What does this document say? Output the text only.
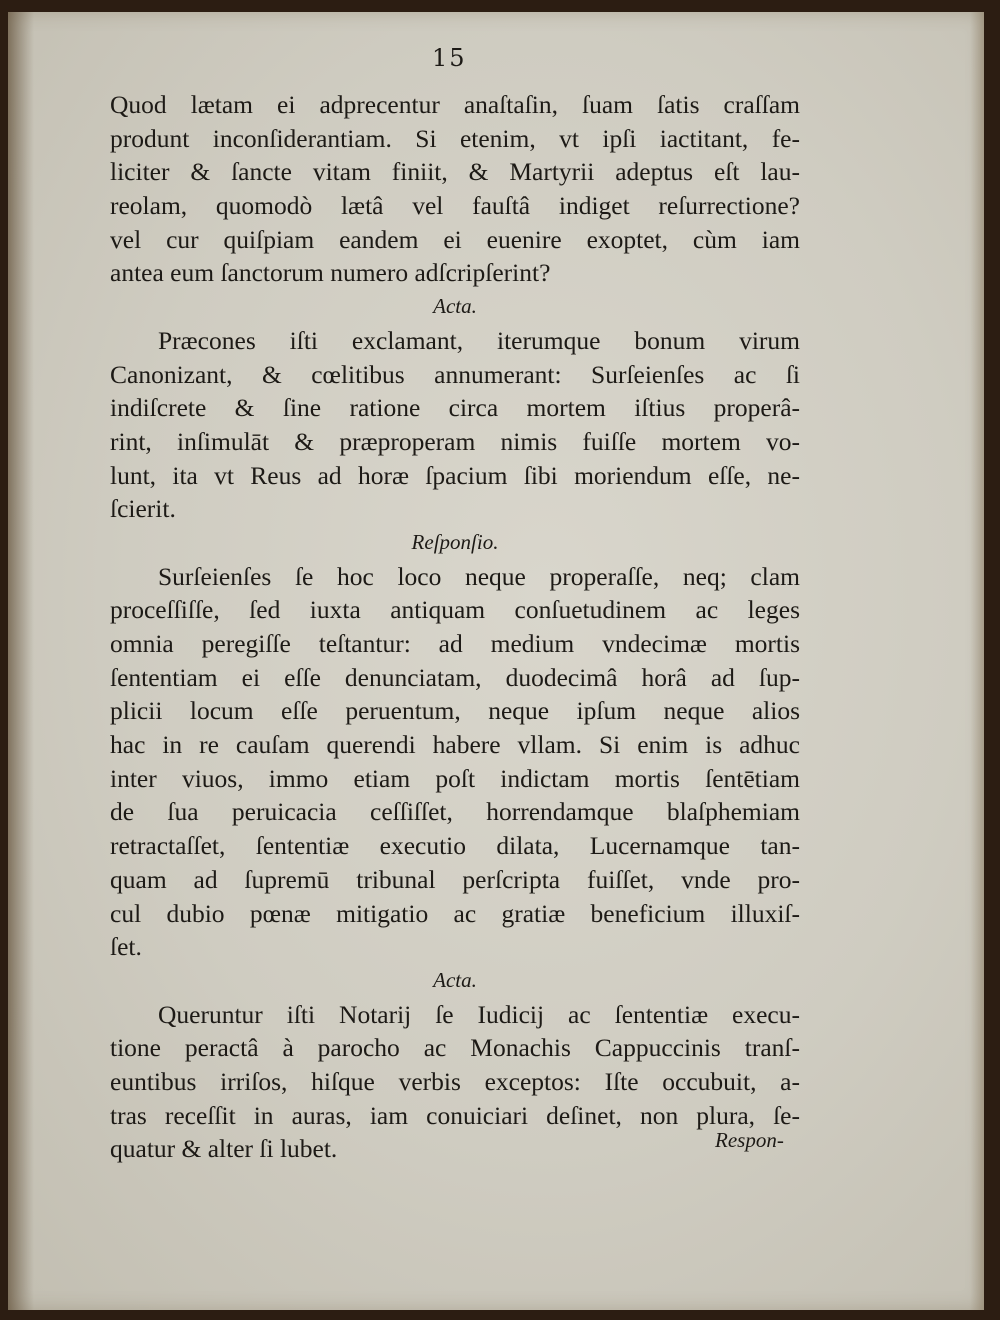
15
Quod lætam ei adprecentur anaſtaſin, ſuam ſatis craſſam
produnt inconſiderantiam. Si etenim, vt ipſi iactitant, fe-
liciter & ſancte vitam finiit, & Martyrii adeptus eſt lau-
reolam, quomodò lætâ vel fauſtâ indiget reſurrectione?
vel cur quiſpiam eandem ei euenire exoptet, cùm iam
antea eum ſanctorum numero adſcripſerint?
Acta.
Præcones iſti exclamant, iterumque bonum virum
Canonizant, & cœlitibus annumerant: Surſeienſes ac ſi
indiſcrete & ſine ratione circa mortem iſtius properâ-
rint, inſimulāt & præproperam nimis fuiſſe mortem vo-
lunt, ita vt Reus ad horæ ſpacium ſibi moriendum eſſe, ne-
ſcierit.
Reſponſio.
Surſeienſes ſe hoc loco neque properaſſe, neq; clam
proceſſiſſe, ſed iuxta antiquam conſuetudinem ac leges
omnia peregiſſe teſtantur: ad medium vndecimæ mortis
ſententiam ei eſſe denunciatam, duodecimâ horâ ad ſup-
plicii locum eſſe peruentum, neque ipſum neque alios
hac in re cauſam querendi habere vllam. Si enim is adhuc
inter viuos, immo etiam poſt indictam mortis ſentētiam
de ſua peruicacia ceſſiſſet, horrendamque blaſphemiam
retractaſſet, ſententiæ executio dilata, Lucernamque tan-
quam ad ſupremū tribunal perſcripta fuiſſet, vnde pro-
cul dubio pœnæ mitigatio ac gratiæ beneficium illuxiſ-
ſet.
Acta.
Queruntur iſti Notarij ſe Iudicij ac ſententiæ execu-
tione peractâ à parocho ac Monachis Cappuccinis tranſ-
euntibus irriſos, hiſque verbis exceptos: Iſte occubuit, a-
tras receſſit in auras, iam conuiciari deſinet, non plura, ſe-
quatur & alter ſi lubet.	Respon-
